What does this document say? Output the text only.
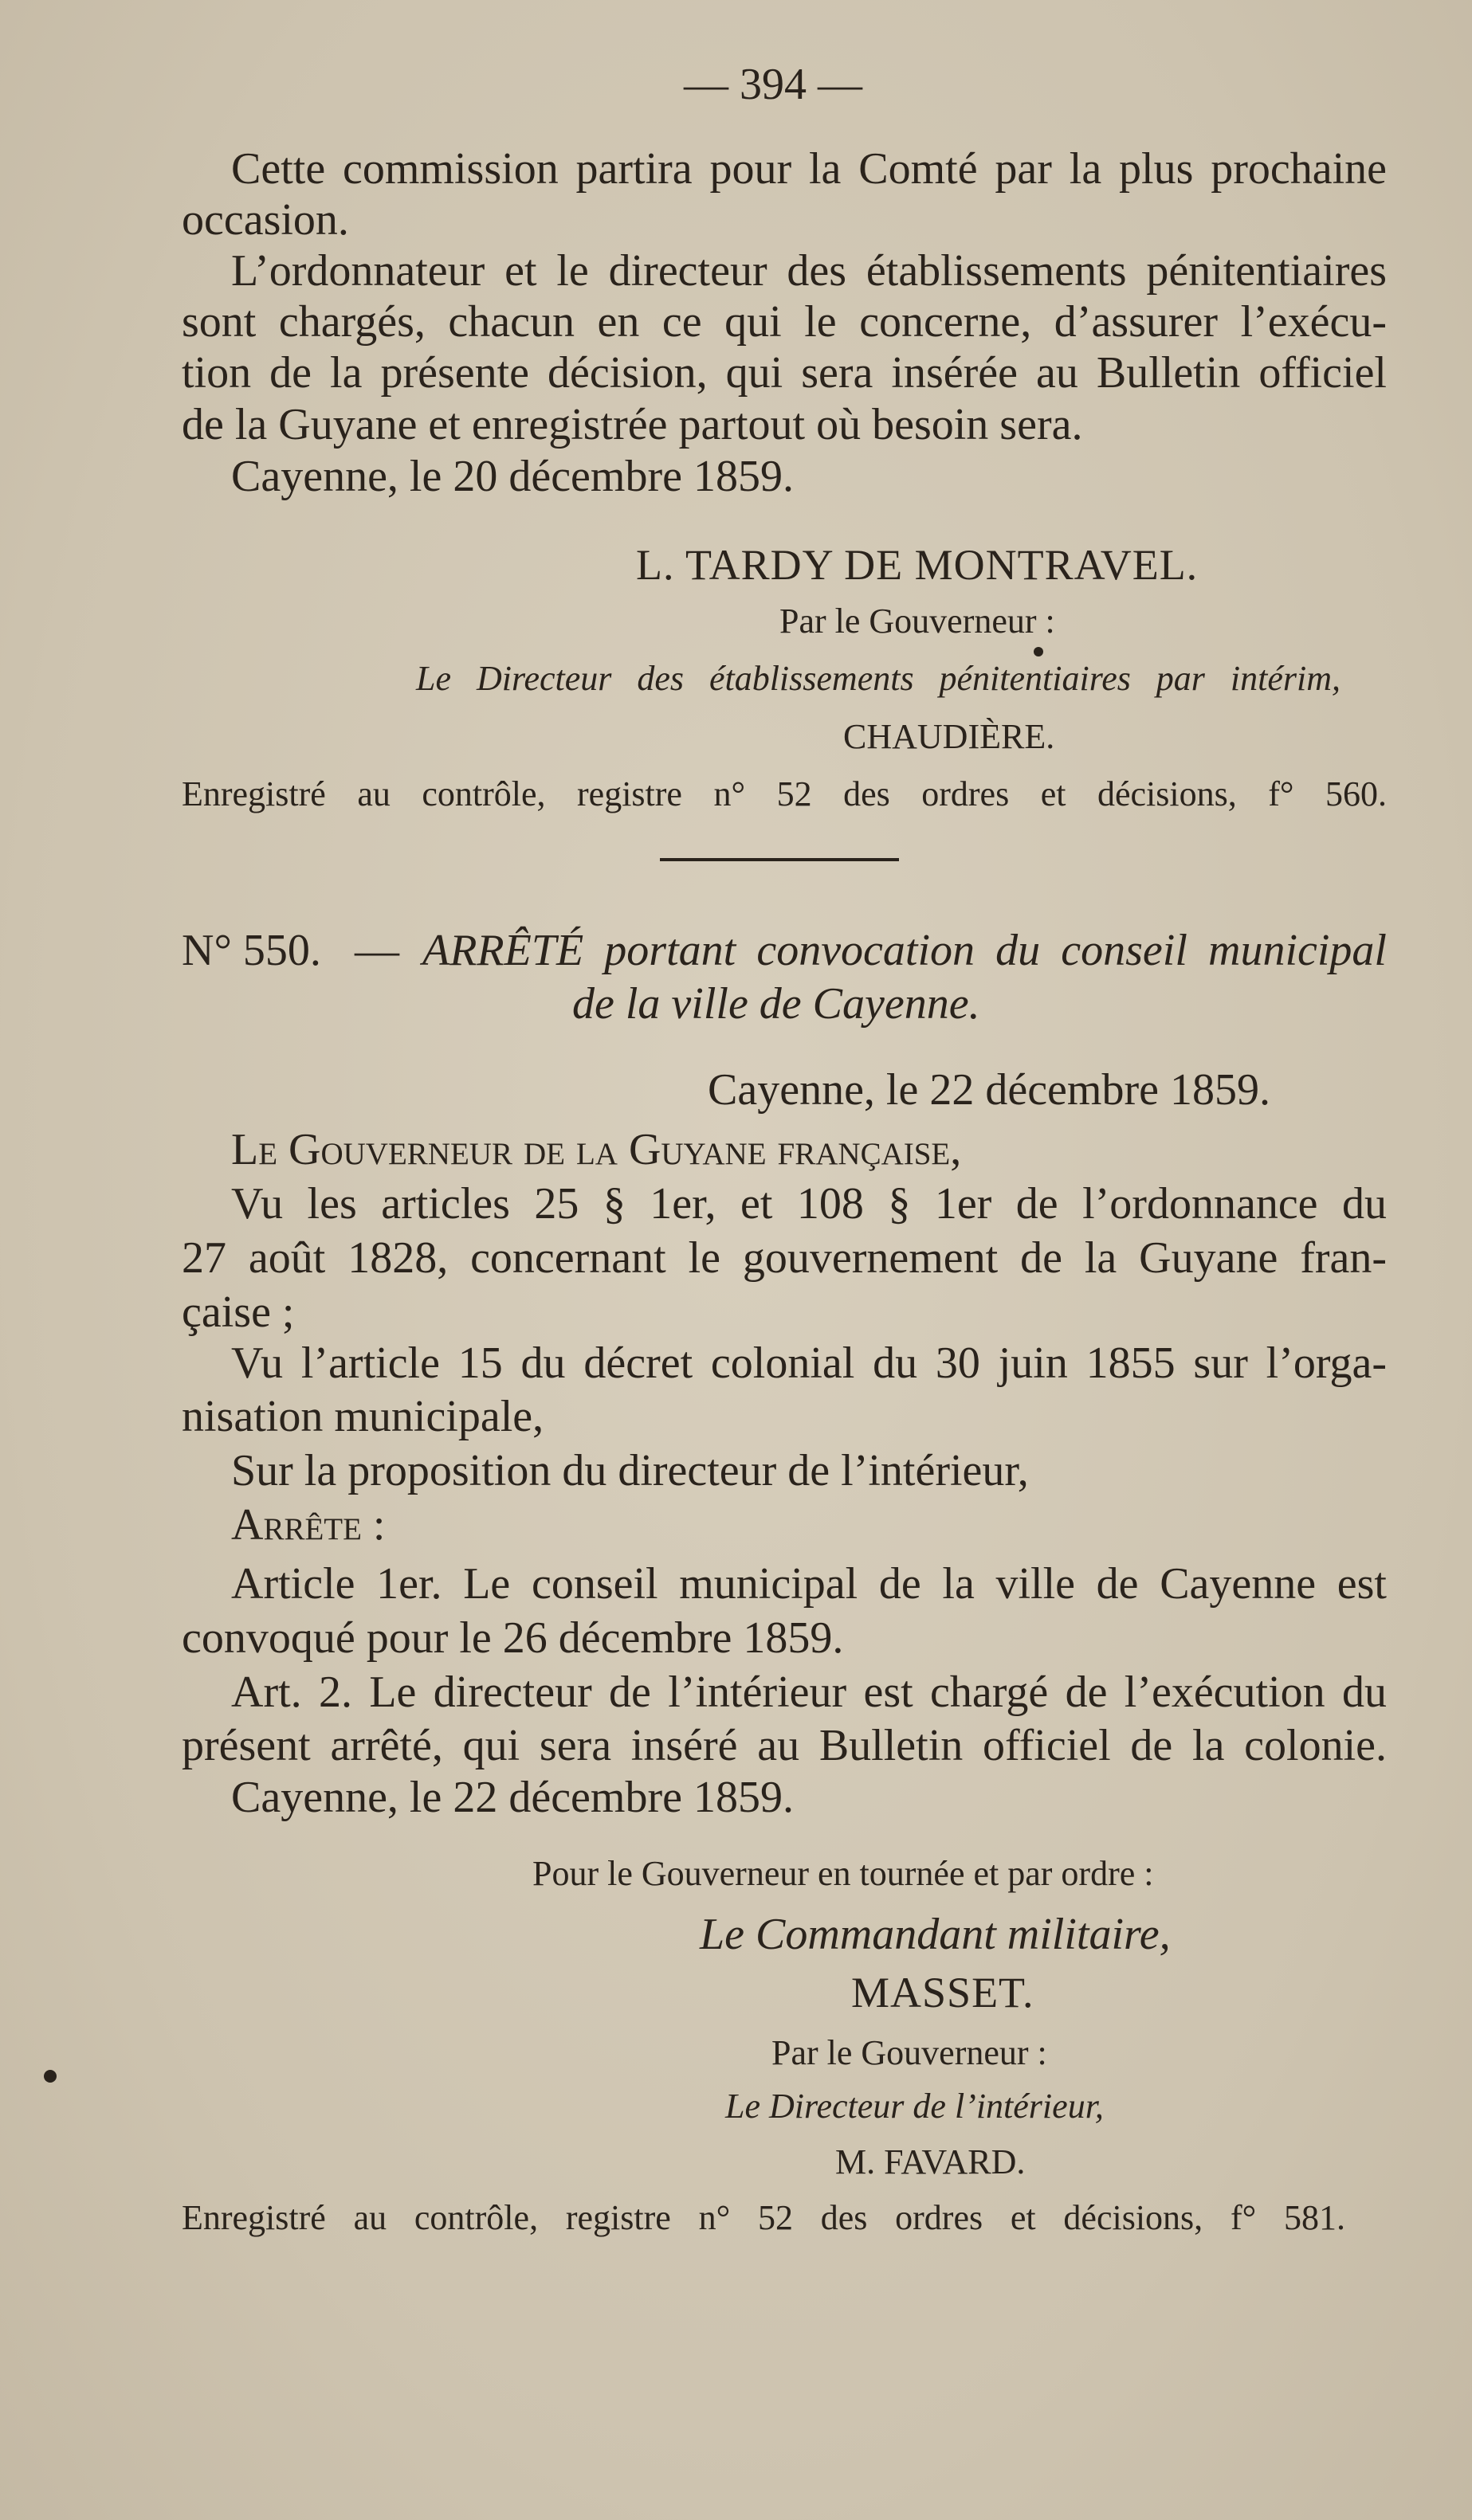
— 394 —
Cette commission partira pour la Comté par la plus prochaine
occasion.
L’ordonnateur et le directeur des établissements pénitentiaires
sont chargés, chacun en ce qui le concerne, d’assurer l’exécu-
tion de la présente décision, qui sera insérée au Bulletin officiel
de la Guyane et enregistrée partout où besoin sera.
Cayenne, le 20 décembre 1859.
L. TARDY DE MONTRAVEL.
Par le Gouverneur :
Le Directeur des établissements pénitentiaires par intérim,
CHAUDIÈRE.
Enregistré au contrôle, registre n° 52 des ordres et décisions, f° 560.
N° 550. — ARRÊTÉ portant convocation du conseil municipal
de la ville de Cayenne.
Cayenne, le 22 décembre 1859.
Le Gouverneur de la Guyane française,
Vu les articles 25 § 1er, et 108 § 1er de l’ordonnance du
27 août 1828, concernant le gouvernement de la Guyane fran-
çaise ;
Vu l’article 15 du décret colonial du 30 juin 1855 sur l’orga-
nisation municipale,
Sur la proposition du directeur de l’intérieur,
Arrête :
Article 1er. Le conseil municipal de la ville de Cayenne est
convoqué pour le 26 décembre 1859.
Art. 2. Le directeur de l’intérieur est chargé de l’exécution du
présent arrêté, qui sera inséré au Bulletin officiel de la colonie.
Cayenne, le 22 décembre 1859.
Pour le Gouverneur en tournée et par ordre :
Le Commandant militaire,
MASSET.
Par le Gouverneur :
Le Directeur de l’intérieur,
M. FAVARD.
Enregistré au contrôle, registre n° 52 des ordres et décisions, f° 581.
